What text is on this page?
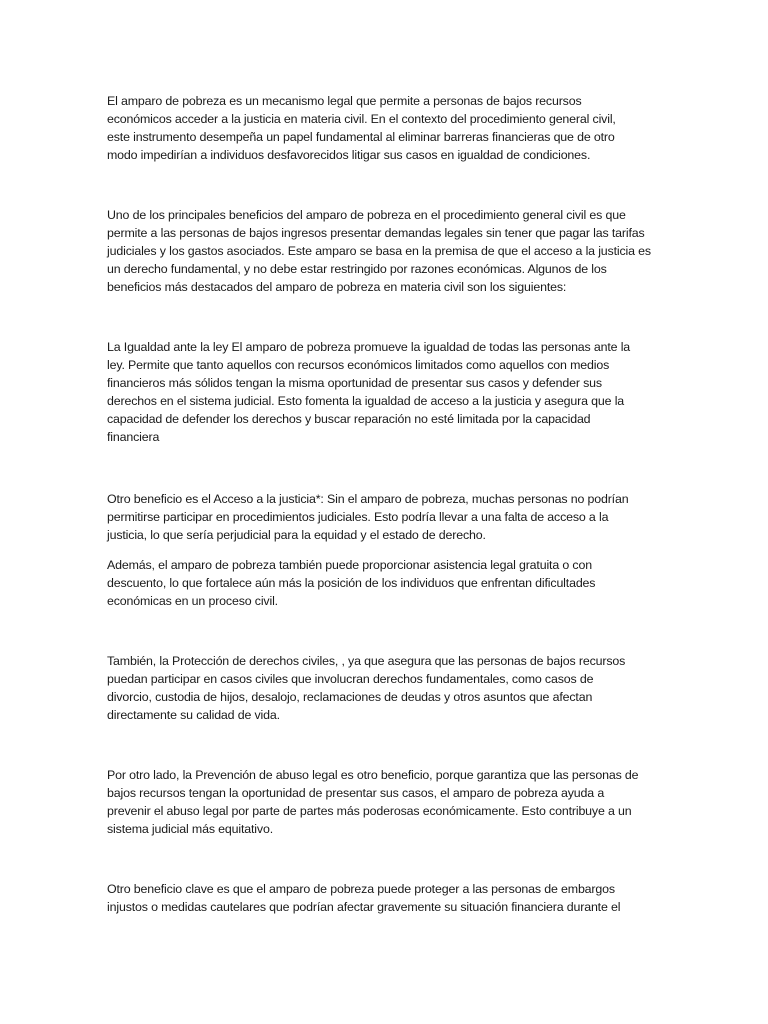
El amparo de pobreza es un mecanismo legal que permite a personas de bajos recursos

económicos acceder a la justicia en materia civil. En el contexto del procedimiento general civil,

este instrumento desempeña un papel fundamental al eliminar barreras financieras que de otro

modo impedirían a individuos desfavorecidos litigar sus casos en igualdad de condiciones.

Uno de los principales beneficios del amparo de pobreza en el procedimiento general civil es que

permite a las personas de bajos ingresos presentar demandas legales sin tener que pagar las tarifas

judiciales y los gastos asociados. Este amparo se basa en la premisa de que el acceso a la justicia es

un derecho fundamental, y no debe estar restringido por razones económicas. Algunos de los

beneficios más destacados del amparo de pobreza en materia civil son los siguientes:

La Igualdad ante la ley El amparo de pobreza promueve la igualdad de todas las personas ante la

ley. Permite que tanto aquellos con recursos económicos limitados como aquellos con medios

financieros más sólidos tengan la misma oportunidad de presentar sus casos y defender sus

derechos en el sistema judicial. Esto fomenta la igualdad de acceso a la justicia y asegura que la

capacidad de defender los derechos y buscar reparación no esté limitada por la capacidad

financiera

Otro beneficio es el Acceso a la justicia*: Sin el amparo de pobreza, muchas personas no podrían

permitirse participar en procedimientos judiciales. Esto podría llevar a una falta de acceso a la

justicia, lo que sería perjudicial para la equidad y el estado de derecho.

Además, el amparo de pobreza también puede proporcionar asistencia legal gratuita o con

descuento, lo que fortalece aún más la posición de los individuos que enfrentan dificultades

económicas en un proceso civil.

También, la Protección de derechos civiles, , ya que asegura que las personas de bajos recursos

puedan participar en casos civiles que involucran derechos fundamentales, como casos de

divorcio, custodia de hijos, desalojo, reclamaciones de deudas y otros asuntos que afectan

directamente su calidad de vida.

Por otro lado, la Prevención de abuso legal es otro beneficio, porque garantiza que las personas de

bajos recursos tengan la oportunidad de presentar sus casos, el amparo de pobreza ayuda a

prevenir el abuso legal por parte de partes más poderosas económicamente. Esto contribuye a un

sistema judicial más equitativo.

Otro beneficio clave es que el amparo de pobreza puede proteger a las personas de embargos

injustos o medidas cautelares que podrían afectar gravemente su situación financiera durante el
